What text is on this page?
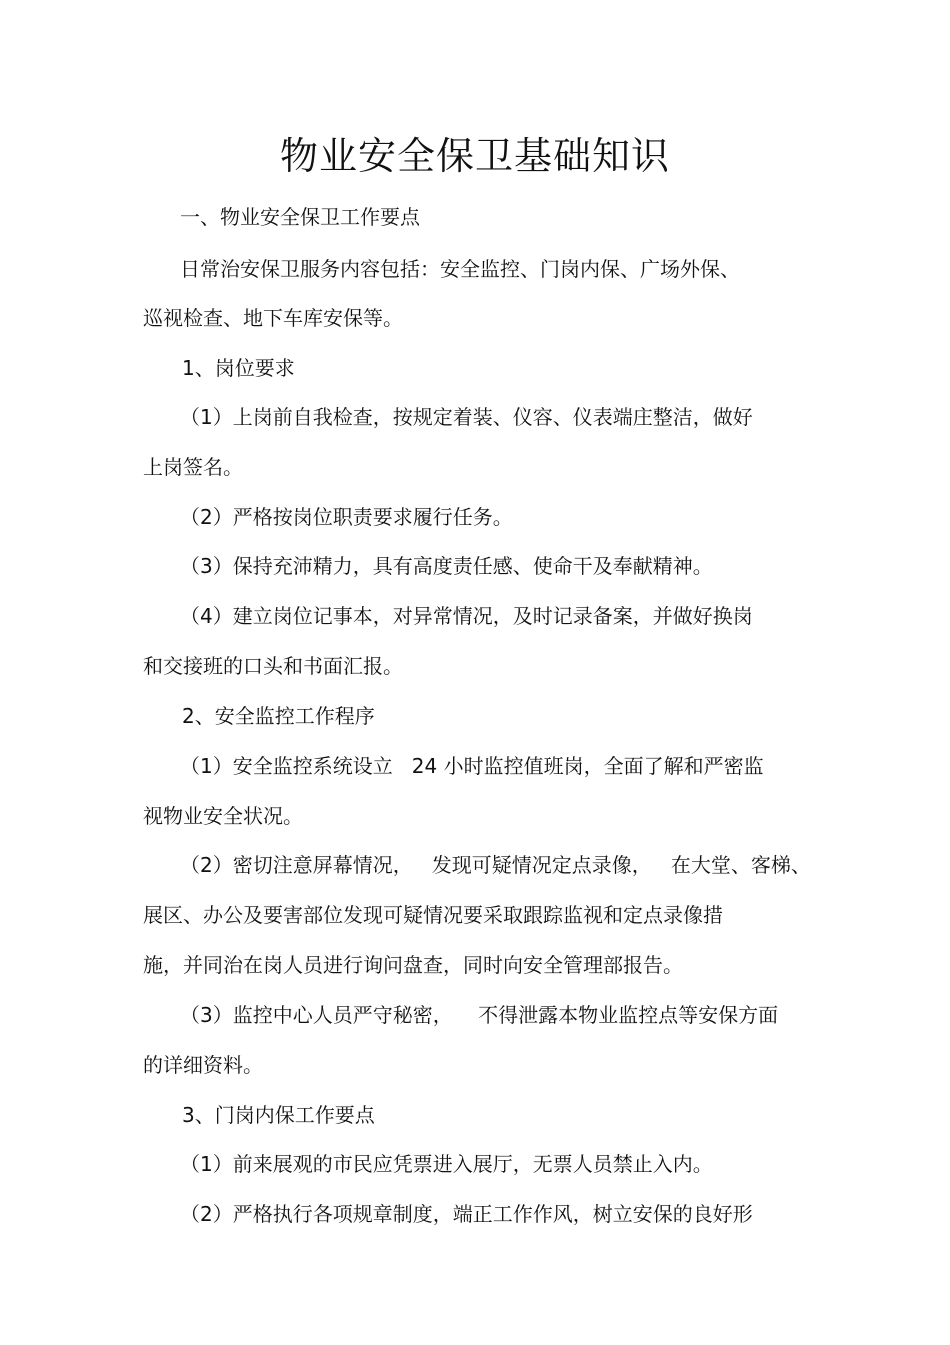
物业安全保卫基础知识

一、物业安全保卫工作要点

日常治安保卫服务内容包括：安全监控、门岗内保、广场外保、

巡视检查、地下车库安保等。

1、岗位要求

（1）上岗前自我检查，按规定着装、仪容、仪表端庄整洁，做好

上岗签名。

（2）严格按岗位职责要求履行任务。

（3）保持充沛精力，具有高度责任感、使命干及奉献精神。

（4）建立岗位记事本，对异常情况，及时记录备案，并做好换岗

和交接班的口头和书面汇报。

2、安全监控工作程序

（1）安全监控系统设立   24 小时监控值班岗，全面了解和严密监

视物业安全状况。

（2）密切注意屏幕情况，   发现可疑情况定点录像，   在大堂、客梯、

展区、办公及要害部位发现可疑情况要采取跟踪监视和定点录像措

施，并同治在岗人员进行询问盘查，同时向安全管理部报告。

（3）监控中心人员严守秘密，    不得泄露本物业监控点等安保方面

的详细资料。

3、门岗内保工作要点

（1）前来展观的市民应凭票进入展厅，无票人员禁止入内。

（2）严格执行各项规章制度，端正工作作风，树立安保的良好形
